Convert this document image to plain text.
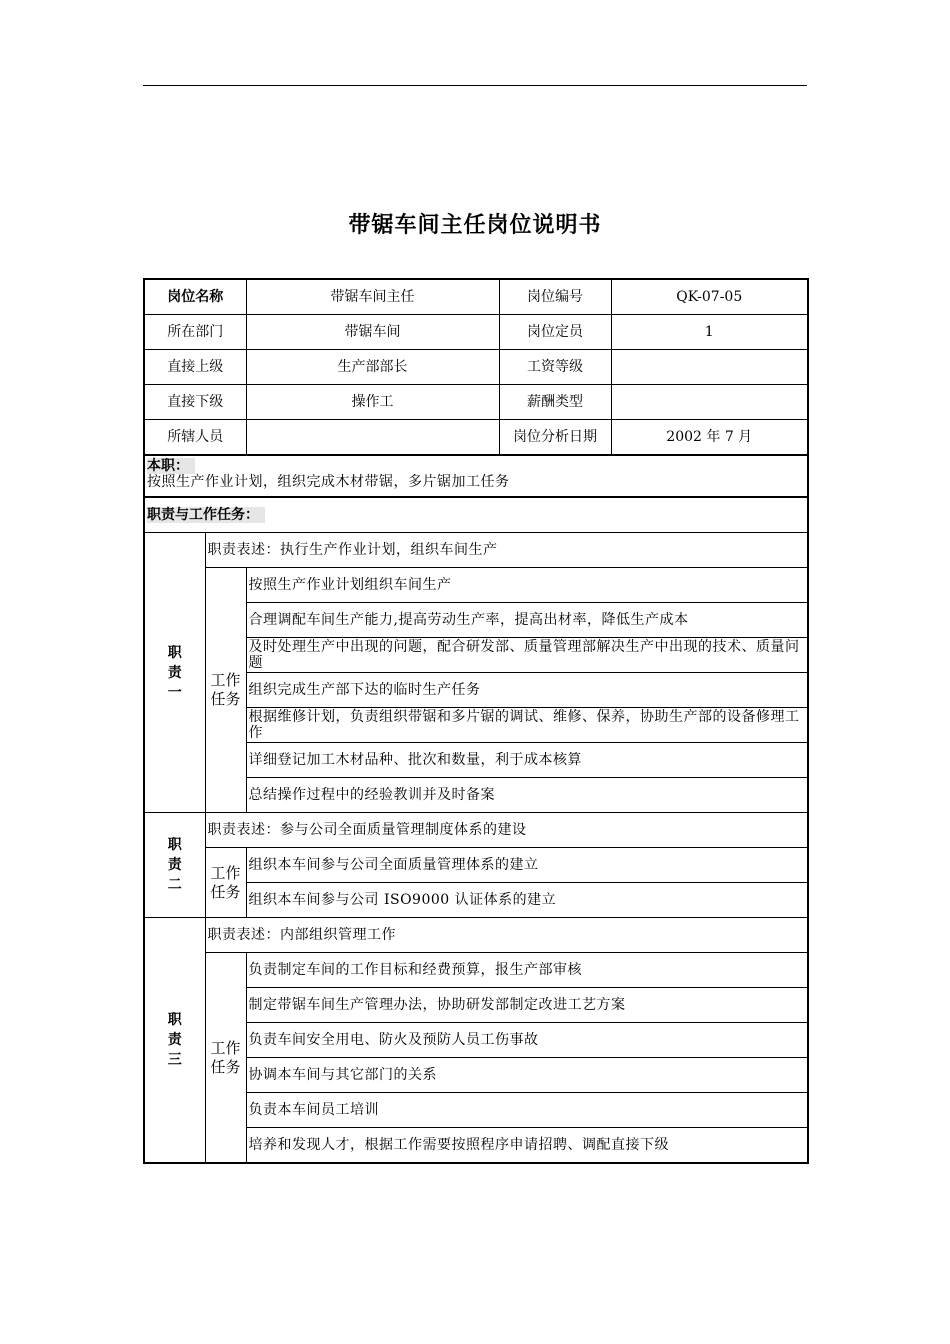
带锯车间主任岗位说明书
岗位名称		带锯车间主任	岗位编号	QK-07-05
所在部门		带锯车间	岗位定员	1
直接上级		生产部部长	工资等级	
直接下级		操作工	薪酬类型	
所辖人员			岗位分析日期	2002 年 7 月

本职：
按照生产作业计划，组织完成木材带锯，多片锯加工任务				

职责与工作任务：				

职
责
一	职责表述：执行生产作业计划，组织车间生产			

	工作
任务	按照生产作业计划组织车间生产		
		合理调配车间生产能力,提高劳动生产率，提高出材率，降低生产成本		
		及时处理生产中出现的问题，配合研发部、质量管理部解决生产中出现的技术、质量问题		
		组织完成生产部下达的临时生产任务		
		根据维修计划，负责组织带锯和多片锯的调试、维修、保养，协助生产部的设备修理工作		
		详细登记加工木材品种、批次和数量，利于成本核算		
		总结操作过程中的经验教训并及时备案		

职
责
二	职责表述：参与公司全面质量管理制度体系的建设			

	工作
任务	组织本车间参与公司全面质量管理体系的建立		
		组织本车间参与公司 ISO9000 认证体系的建立		

职
责
三	职责表述：内部组织管理工作			

	工作
任务	负责制定车间的工作目标和经费预算，报生产部审核		
		制定带锯车间生产管理办法，协助研发部制定改进工艺方案		
		负责车间安全用电、防火及预防人员工伤事故		
		协调本车间与其它部门的关系		
		负责本车间员工培训		
		培养和发现人才，根据工作需要按照程序申请招聘、调配直接下级		
